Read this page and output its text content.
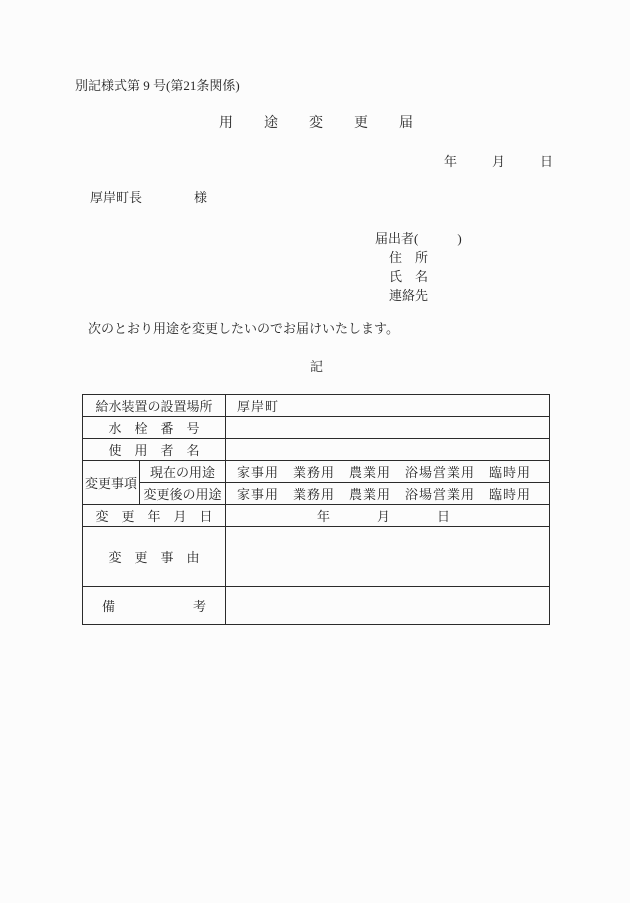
別記様式第 9 号(第21条関係)
用　　途　　変　　更　　届
年　　月　　日
厚岸町長　　　　様
届出者(　　　)
住　所
氏　名
連絡先
次のとおり用途を変更したいのでお届けいたします。
記
給水装置の設置場所		厚岸町
水　栓　番　号		
使　用　者　名		
変更事項	現在の用途	家事用　業務用　農業用　浴場営業用　臨時用
	変更後の用途	家事用　業務用　農業用　浴場営業用　臨時用
変　更　年　月　日		年　　　月　　　日
変　更　事　由		
備　　　　　　考		
